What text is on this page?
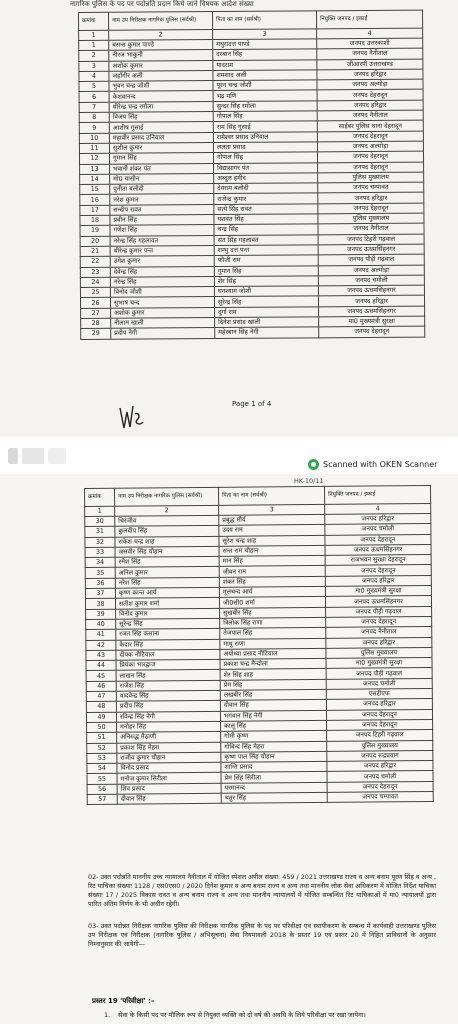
नागरिक पुलिस के पद पर पदोन्नति प्रदान किये जाने विषयक आदेश संख्या
क्रमांक	नाम उप निरीक्षक नागरिक पुलिस (सर्वश्री)	पिता का नाम (सर्वश्री)	नियुक्ति जनपद / इकाई
1	2	3	4
1	बसन्त कुमार पाण्डे	मथुरादत्त पाण्डे	जनपद उत्तरकाशी
2	नीरज भाकुनी	दरबान सिंह	जनपद नैनीताल
3	अशोक कुमार	यादराम	जीआरपी उत्तराखण्ड
4	जहाँगीर अली	शमशाद अली	जनपद हरिद्वार
5	भुवन चन्द्र जोशी	पूरन चन्द्र जोशी	जनपद अल्मोड़ा
6	केशवानन्द	भद्र मणि	जनपद देहरादून
7	धीरेन्द्र चन्द्र रमोला	सुन्दर सिंह रमोला	जनपद हरिद्वार
8	विजय सिंह	गोपाल सिंह	जनपद नैनीताल
9	आशीष गुसाई	राम सिंह गुसाई	साईबर पुलिस थाना देहरादून
10	महावीर प्रसाद उनियाल	रामेश्वर प्रसाद उनियाल	जनपद देहरादून
11	सुशील कुमार	ललता प्रसाद	जनपद अल्मोड़ा
12	गुमान सिंह	गोपाल सिंह	जनपद देहरादून
13	भवानी शंकर पंत	विद्यासागर पंत	जनपद देहरादून
14	मो0 यासीन	अब्दुल हमीद	पुलिस मुख्यालय
15	पुनीता बलोदी	देवराम बलोदी	जनपद चम्पावत
16	नरेश कुमार	राजेन्द्र कुमार	जनपद हरिद्वार
17	सन्दीप रावत	सत्ये सिंह रावत	जनपद देहरादून
18	प्रवीन सिंह	यशवंत सिंह	पुलिस मुख्यालय
19	गणेश सिंह	चन्द्र सिंह	जनपद नैनीताल
20	नरेन्द्र सिंह गहलावत	संत सिंह गहलावत	जनपद टिहरी गढ़वाल
21	धीरेन्द्र कुमार पन्त	शम्भु दत्त पन्त	जनपद ऊधमसिंहनगर
22	उमेश कुमार	फौजी राम	जनपद पौड़ी गढ़वाल
23	देवेन्द्र सिंह	गुमान सिंह	जनपद अल्मोड़ा
24	नरेन्द्र सिंह	शेर सिंह	जनपद चमोली
25	विनोद जोशी	घनश्याम जोशी	जनपद ऊधमसिंहनगर
26	सुभाष चन्द	सुरेन्द्र सिंह	जनपद हरिद्वार
27	अशोक कुमार	दुर्गा राम	जनपद ऊधमसिंहनगर
28	नीलाम खाली	दिनेश प्रसाद खाली	मा0 मुख्यमंत्री सुरक्षा
29	प्रदीप नेगी	महेरबान सिंह नेगी	जनपद देहरादून
Page 1 of 4
Scanned with OKEN Scanner
HK-10/11
क्रमांक	नाम उप निरीक्षक नागरिक पुलिस (सर्वश्री)	पिता का नाम (सर्वश्री)	नियुक्ति जनपद / इकाई
1	2	3	4
30	चिरंजीव	प्रबुद्ध मौर्य	जनपद हरिद्वार
31	कुलदीप सिंह	उदय राम	जनपद चमोली
32	राकेश चन्द्र शाह	सुरेश चन्द्र शाह	जनपद देहरादून
33	जसवीर सिंह चौहान	सन्त राम चौहान	जनपद ऊधमसिंहनगर
34	रमेश सिंह	मान सिंह	राजभवन सुरक्षा देहरादून
35	अनिल कुमार	जीवन राम	जनपद देहरादून
36	नरेश सिंह	शंकर सिंह	जनपद हरिद्वार
37	कृष्ण कान्त आर्य	मूलचन्द आर्य	मा0 मुख्यमंत्री सुरक्षा
38	सतीश कुमार शर्मा	जी0सी0 शर्मा	जनपद ऊधमसिंहनगर
39	विनोद कुमार	सुखबीर सिंह	जनपद पौड़ी गढ़वाल
40	सुरेन्द्र सिंह	त्रिलोक सिंह राणा	जनपद देहरादून
41	रजत सिंह कसाना	तेजपाल सिंह	जनपद नैनीताल
42	कैदार सिंह	माधु राणा	जनपद हरिद्वार
43	दीपक नौटियाल	अयोध्या प्रसाद नौटियाल	पुलिस मुख्यालय
44	प्रियंका भारद्वाज	प्रकाश चन्द्र मैन्दोला	मा0 मुख्यमंत्री सुरक्षा
45	लाखन सिंह	शेर सिंह शाह	जनपद पौड़ी गढ़वाल
46	राजेश सिंह	प्रेम सिंह	जनपद चमोली
47	यादवेन्द्र सिंह	लखबीर सिंह	एसटीएफ
48	प्रदीप सिंह	दीवान सिंह	जनपद हरिद्वार
49	रविन्द्र सिंह नेगी	भगवान सिंह नेगी	जनपद देहरादून
50	मनोहर सिंह	कालू सिंह	जनपद देहरादून
51	अनिरुद्ध मैठाणी	गोमी कृष्ण	जनपद टिहरी गढ़वाल
52	प्रकाश सिंह मेहरा	गोविन्द सिंह मेहरा	पुलिस मुख्यालय
53	राजीव कुमार चौहान	कृष्ण पाल सिंह चौहान	जनपद रूद्रप्रयाग
54	विनोद प्रसाद	शान्ति प्रसाद	जनपद हरिद्वार
55	मनोज कुमार सिरीला	प्रेम सिंह सिरीला	जनपद चमोली
56	शिव प्रसाद	परमानन्द	जनपद देहरादून
57	दीवान सिंह	चतुर सिंह	जनपद चम्पावत
02- उक्त पदोन्नति माननीय उच्च न्यायालय नैनीताल में योजित स्पेशल अपील संख्या: 459 / 2021 उत्तराखण्ड राज्य व अन्य बनाम पूरण सिंह व अन्य , रिट याचिका संख्याः 1128 / एस0एस0 / 2020 दिनेश कुमार व अन्य बनाम राज्य व अन्य तथा माननीय लोक सेवा अधिकरण में योजित निर्देश याचिका संख्याः 17 / 2025 विकास रावत व अन्य बनाम राज्य व अन्य तथा माननीय न्यायालयों में योजित सम्बन्धित रिट याचिकाओं में मा0 न्यायालयों द्वारा पारित अंतिम निर्णय के भी अधीन रहेगी।
03- उक्त पदोन्नत निरीक्षक नागरिक पुलिस की निरीक्षक नागरिक पुलिस के पद पर परिवीक्षा एवं स्थायीकरण के सम्बन्ध में कार्यवाही उत्तराखण्ड पुलिस उप निरीक्षक एवं निरीक्षक (नागरिक पुलिस / अभिसूचना) सेवा नियमावली 2018 के प्रस्तर 19 एवं प्रस्तर 20 में निहित प्राविधानों के अनुसार निम्नानुसार की जायेगी—
प्रस्तर 19 'परिवीक्षा' :–
1. सेवा के किसी पद पर मौलिक रूप से नियुक्त व्यक्ति को दो वर्ष की अवधि के लिये परिवीक्षा पर रखा जायेगा।
